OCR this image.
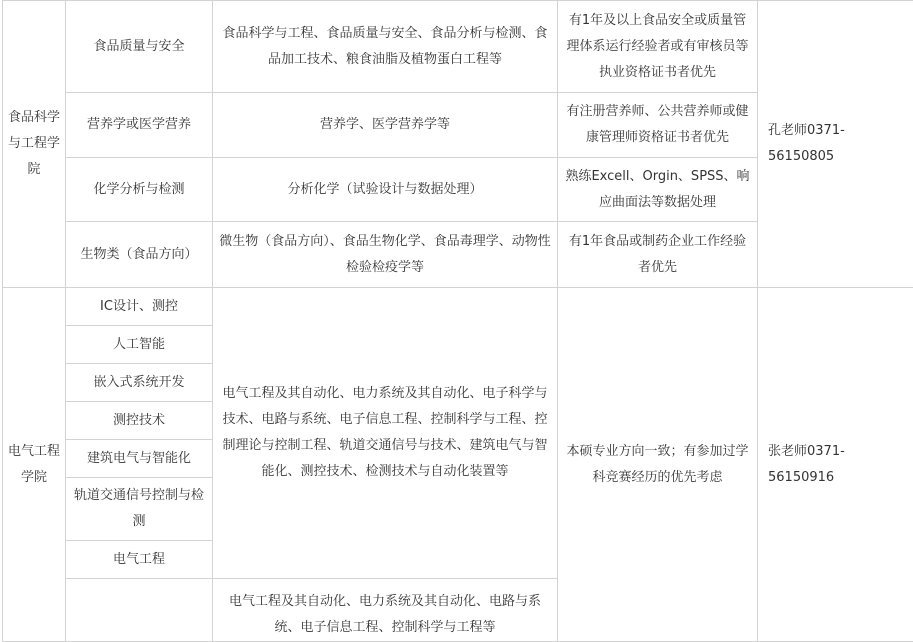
食品科学与工程学院	食品质量与安全	食品科学与工程、食品质量与安全、食品分析与检测、食品加工技术、粮食油脂及植物蛋白工程等	有1年及以上食品安全或质量管理体系运行经验者或有审核员等执业资格证书者优先	孔老师0371-56150805
	营养学或医学营养	营养学、医学营养学等	有注册营养师、公共营养师或健康管理师资格证书者优先	
	化学分析与检测	分析化学（试验设计与数据处理）	熟练Excell、Orgin、SPSS、响应曲面法等数据处理	
	生物类（食品方向）	微生物（食品方向）、食品生物化学、食品毒理学、动物性检验检疫学等	有1年食品或制药企业工作经验者优先	
电气工程学院	IC设计、测控	电气工程及其自动化、电力系统及其自动化、电子科学与技术、电路与系统、电子信息工程、控制科学与工程、控制理论与控制工程、轨道交通信号与技术、建筑电气与智能化、测控技术、检测技术与自动化装置等	本硕专业方向一致；有参加过学科竞赛经历的优先考虑	张老师0371-56150916
	人工智能			
	嵌入式系统开发			
	测控技术			
	建筑电气与智能化			
	轨道交通信号控制与检测			
	电气工程			
		电气工程及其自动化、电力系统及其自动化、电路与系统、电子信息工程、控制科学与工程等		
